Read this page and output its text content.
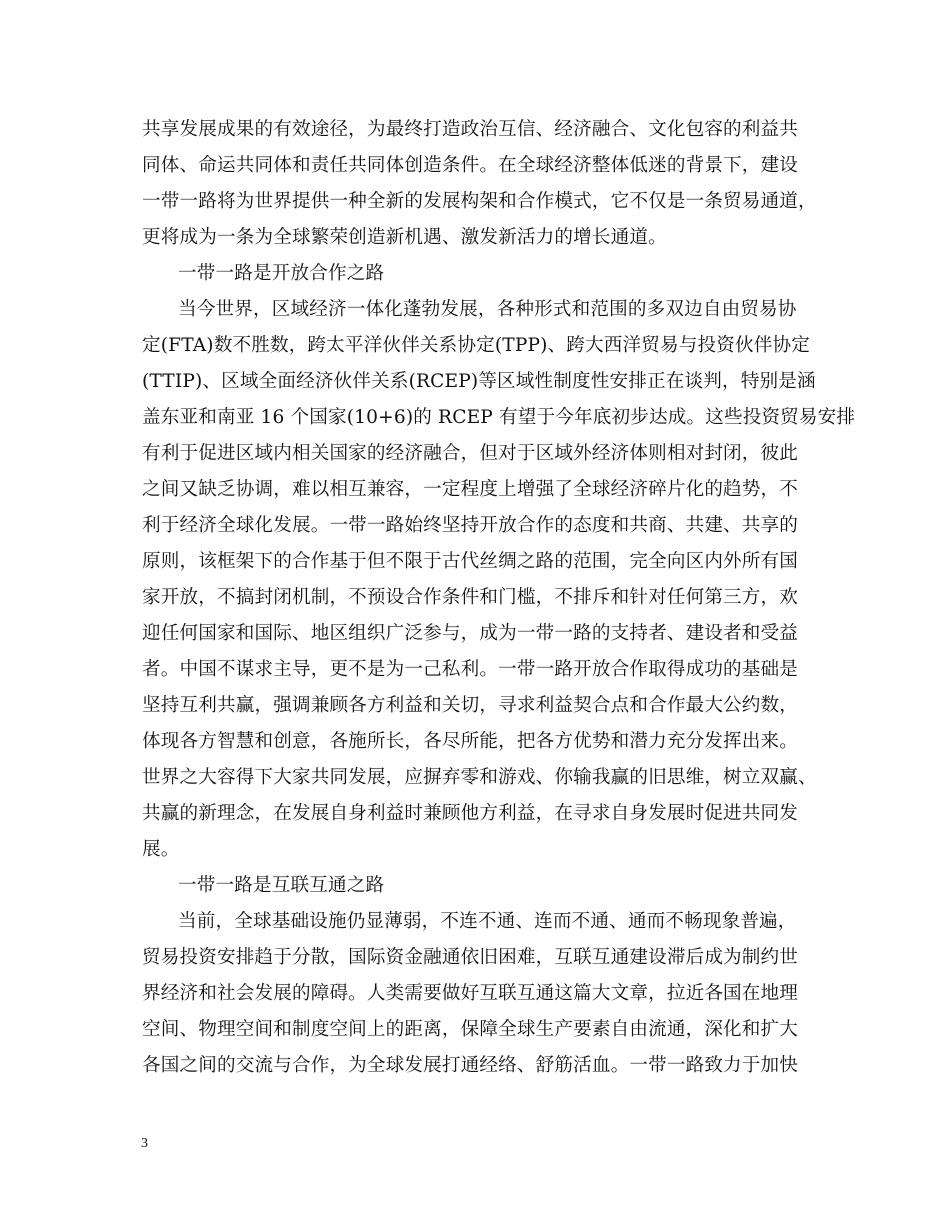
共享发展成果的有效途径，为最终打造政治互信、经济融合、文化包容的利益共
同体、命运共同体和责任共同体创造条件。在全球经济整体低迷的背景下，建设
一带一路将为世界提供一种全新的发展构架和合作模式，它不仅是一条贸易通道，
更将成为一条为全球繁荣创造新机遇、激发新活力的增长通道。
一带一路是开放合作之路
当今世界，区域经济一体化蓬勃发展，各种形式和范围的多双边自由贸易协
定(FTA)数不胜数，跨太平洋伙伴关系协定(TPP)、跨大西洋贸易与投资伙伴协定
(TTIP)、区域全面经济伙伴关系(RCEP)等区域性制度性安排正在谈判，特别是涵
盖东亚和南亚 16 个国家(10+6)的 RCEP 有望于今年底初步达成。这些投资贸易安排
有利于促进区域内相关国家的经济融合，但对于区域外经济体则相对封闭，彼此
之间又缺乏协调，难以相互兼容，一定程度上增强了全球经济碎片化的趋势，不
利于经济全球化发展。一带一路始终坚持开放合作的态度和共商、共建、共享的
原则，该框架下的合作基于但不限于古代丝绸之路的范围，完全向区内外所有国
家开放，不搞封闭机制，不预设合作条件和门槛，不排斥和针对任何第三方，欢
迎任何国家和国际、地区组织广泛参与，成为一带一路的支持者、建设者和受益
者。中国不谋求主导，更不是为一己私利。一带一路开放合作取得成功的基础是
坚持互利共赢，强调兼顾各方利益和关切，寻求利益契合点和合作最大公约数，
体现各方智慧和创意，各施所长，各尽所能，把各方优势和潜力充分发挥出来。
世界之大容得下大家共同发展，应摒弃零和游戏、你输我赢的旧思维，树立双赢、
共赢的新理念，在发展自身利益时兼顾他方利益，在寻求自身发展时促进共同发
展。
一带一路是互联互通之路
当前，全球基础设施仍显薄弱，不连不通、连而不通、通而不畅现象普遍，
贸易投资安排趋于分散，国际资金融通依旧困难，互联互通建设滞后成为制约世
界经济和社会发展的障碍。人类需要做好互联互通这篇大文章，拉近各国在地理
空间、物理空间和制度空间上的距离，保障全球生产要素自由流通，深化和扩大
各国之间的交流与合作，为全球发展打通经络、舒筋活血。一带一路致力于加快
3
